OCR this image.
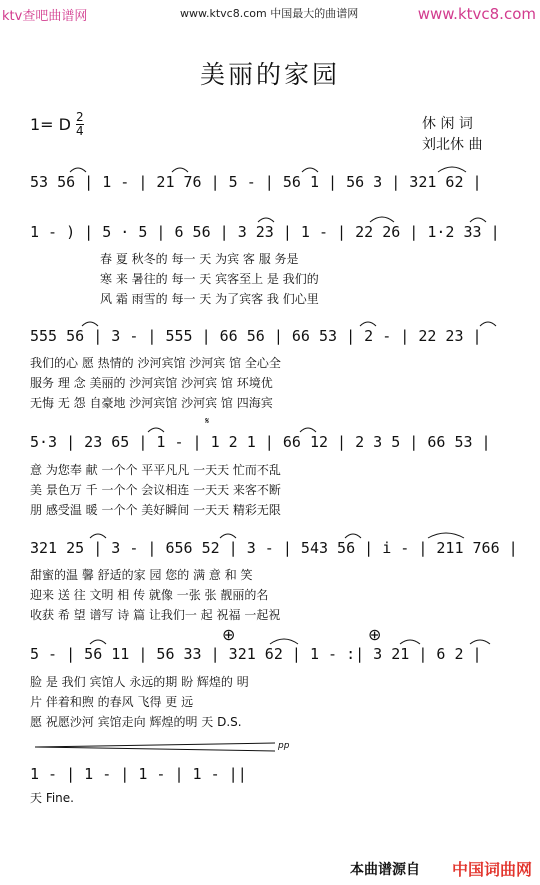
ktv查吧曲谱网	www.ktvc8.com 中国最大的曲谱网	www.ktvc8.com
美丽的家园
1= D 2
4	休 闲 词
刘北休 曲
53 56 | 1 - | 21 76 | 5 - | 56 1 | 56 3 | 321 62 |
1 - ) | 5 · 5 | 6 56 | 3 23 | 1 - | 22 26 | 1·2 33 |
春 夏 秋冬的 每一 天 为宾 客 服 务是
寒 来 暑往的 每一 天 宾客至上 是 我们的
风 霜 雨雪的 每一 天 为了宾客 我 们心里
555 56 | 3 - | 555 | 66 56 | 66 53 | 2 - | 22 23 |
我们的心 愿 热情的 沙河宾馆 沙河宾 馆 全心全
服务 理 念 美丽的 沙河宾馆 沙河宾 馆 环境优
无悔 无 怨 自豪地 沙河宾馆 沙河宾 馆 四海宾
𝄋
5·3 | 23 65 | 1 - | 1 2 1 | 66 12 | 2 3 5 | 66 53 |
意 为您奉 献 一个个 平平凡凡 一天天 忙而不乱
美 景色万 千 一个个 会议相连 一天天 来客不断
朋 感受温 暖 一个个 美好瞬间 一天天 精彩无限
321 25 | 3 - | 656 52 | 3 - | 543 56 | i - | 211 766 |
甜蜜的温 馨 舒适的家 园 您的 满 意 和 笑
迎来 送 往 文明 相 传 就像 一张 张 靓丽的名
收获 希 望 谱写 诗 篇 让我们一 起 祝福 一起祝
⊕	⊕
5 - | 56 11 | 56 33 | 321 62 | 1 - :| 3 21 | 6 2 |
脸 是 我们 宾馆人 永远的期 盼 辉煌的 明
片 伴着和煦 的春风 飞得 更 远
愿 祝愿沙河 宾馆走向 辉煌的明 天 D.S.
pp
1 - | 1 - | 1 - | 1 - ||
天 Fine.
本曲谱源自 中国词曲网
